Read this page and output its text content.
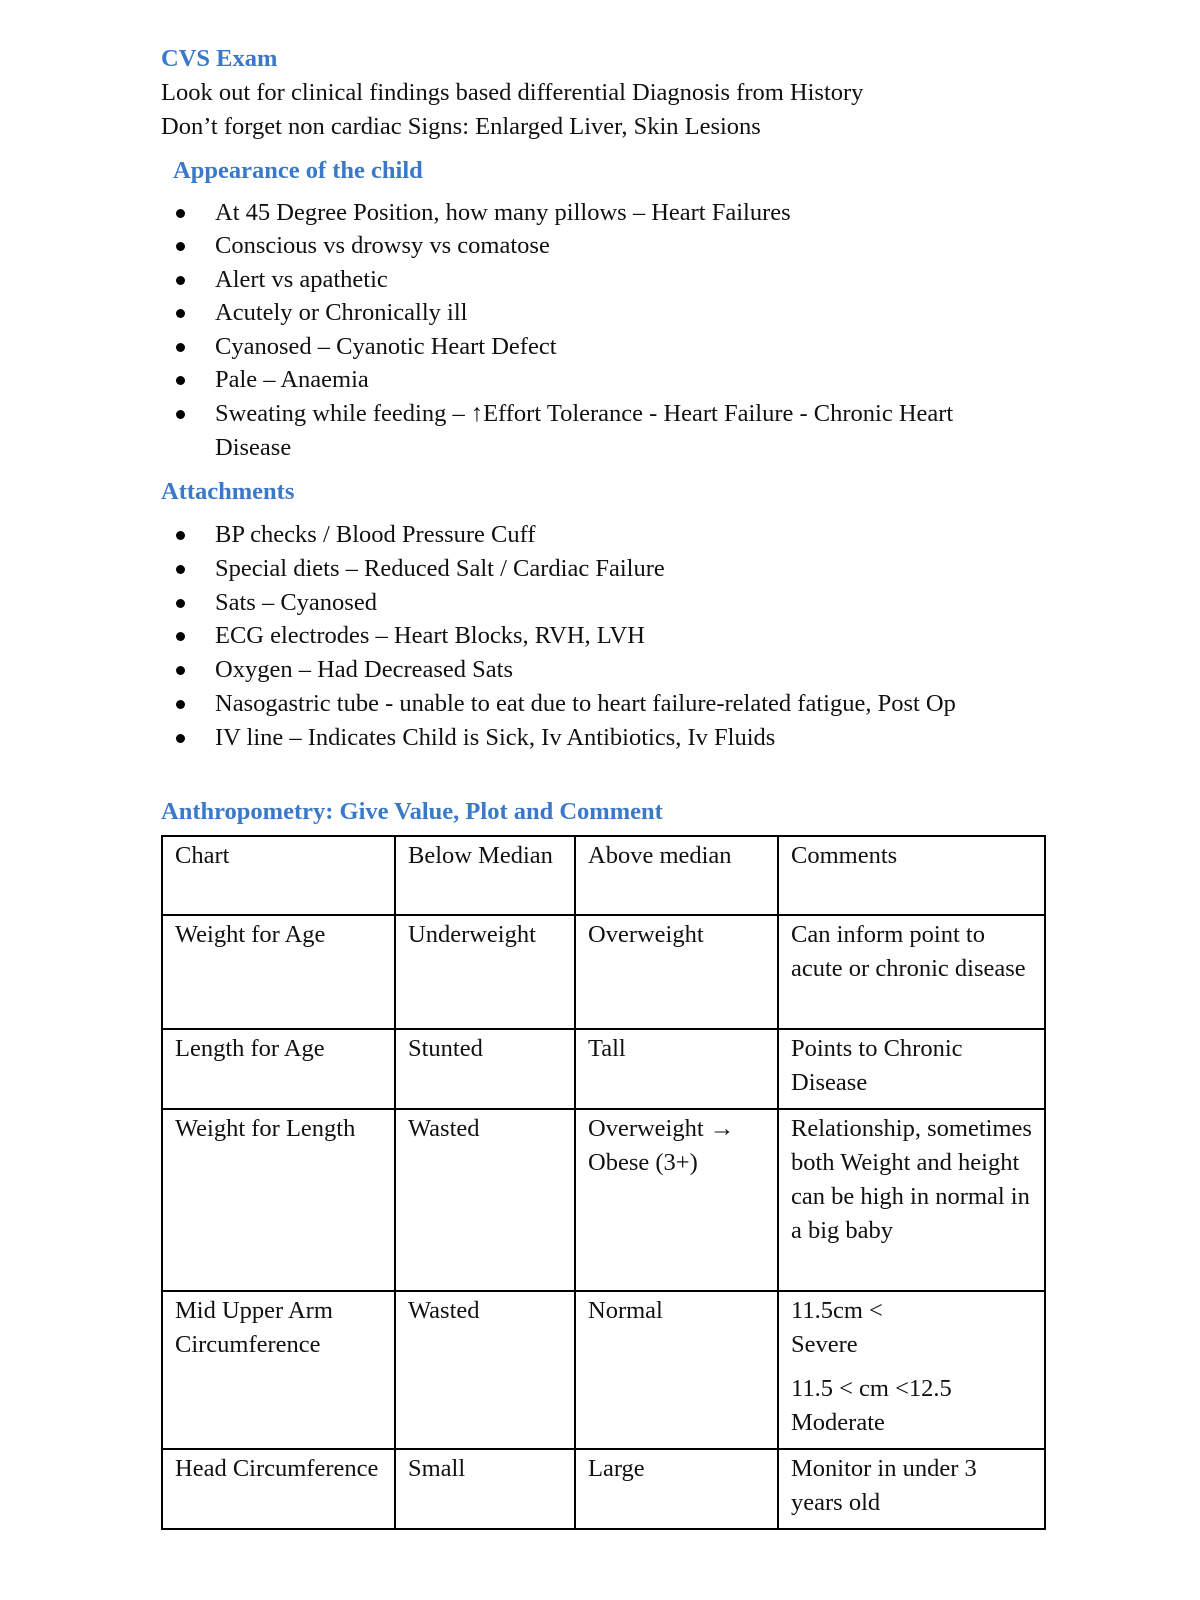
CVS Exam
Look out for clinical findings based differential Diagnosis from History
Don’t forget non cardiac Signs: Enlarged Liver, Skin Lesions
Appearance of the child
At 45 Degree Position, how many pillows – Heart Failures
Conscious vs drowsy vs comatose
Alert vs apathetic
Acutely or Chronically ill
Cyanosed – Cyanotic Heart Defect
Pale – Anaemia
Sweating while feeding – ↑Effort Tolerance - Heart Failure - Chronic Heart
Disease
Attachments
BP checks / Blood Pressure Cuff
Special diets – Reduced Salt / Cardiac Failure
Sats – Cyanosed
ECG electrodes – Heart Blocks, RVH, LVH
Oxygen – Had Decreased Sats
Nasogastric tube - unable to eat due to heart failure-related fatigue, Post Op
IV line – Indicates Child is Sick, Iv Antibiotics, Iv Fluids
Anthropometry: Give Value, Plot and Comment
Chart	Below Median	Above median	Comments
Weight for Age	Underweight	Overweight	Can inform point to acute or chronic disease
Length for Age	Stunted	Tall	Points to Chronic Disease
Weight for Length	Wasted	Overweight → Obese (3+)	Relationship, sometimes both Weight and height can be high in normal in a big baby
Mid Upper Arm Circumference	Wasted	Normal	11.5cm <
Severe
11.5 < cm <12.5
Moderate

Head Circumference	Small	Large	Monitor in under 3 years old
